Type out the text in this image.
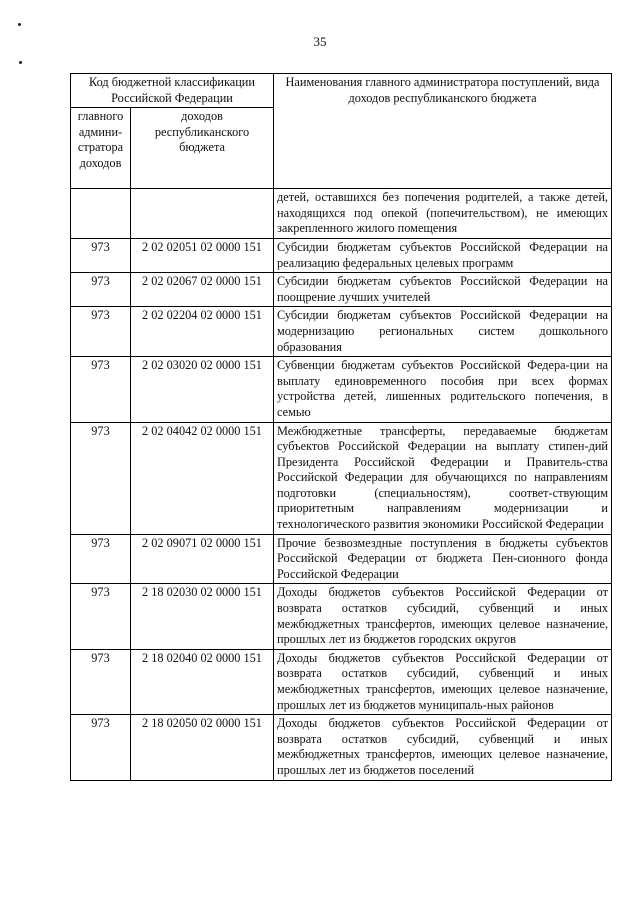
35
Код бюджетной классификации Российской Федерации		Наименования главного администратора поступлений, вида доходов республиканского бюджета
главного админи-стратора доходов	доходов республиканского бюджета	
		детей, оставшихся без попечения родителей, а также детей, находящихся под опекой (попечительством), не имеющих закрепленного жилого помещения
973	2 02 02051 02 0000 151	Субсидии бюджетам субъектов Российской Федерации на реализацию федеральных целевых программ
973	2 02 02067 02 0000 151	Субсидии бюджетам субъектов Российской Федерации на поощрение лучших учителей
973	2 02 02204 02 0000 151	Субсидии бюджетам субъектов Российской Федерации на модернизацию региональных систем дошкольного образования
973	2 02 03020 02 0000 151	Субвенции бюджетам субъектов Российской Федера-ции на выплату единовременного пособия при всех формах устройства детей, лишенных родительского попечения, в семью
973	2 02 04042 02 0000 151	Межбюджетные трансферты, передаваемые бюджетам субъектов Российской Федерации на выплату стипен-дий Президента Российской Федерации и Правитель-ства Российской Федерации для обучающихся по направлениям подготовки (специальностям), соответ-ствующим приоритетным направлениям модернизации и технологического развития экономики Российской Федерации
973	2 02 09071 02 0000 151	Прочие безвозмездные поступления в бюджеты субъектов Российской Федерации от бюджета Пен-сионного фонда Российской Федерации
973	2 18 02030 02 0000 151	Доходы бюджетов субъектов Российской Федерации от возврата остатков субсидий, субвенций и иных межбюджетных трансфертов, имеющих целевое назначение, прошлых лет из бюджетов городских округов
973	2 18 02040 02 0000 151	Доходы бюджетов субъектов Российской Федерации от возврата остатков субсидий, субвенций и иных межбюджетных трансфертов, имеющих целевое назначение, прошлых лет из бюджетов муниципаль-ных районов
973	2 18 02050 02 0000 151	Доходы бюджетов субъектов Российской Федерации от возврата остатков субсидий, субвенций и иных межбюджетных трансфертов, имеющих целевое назначение, прошлых лет из бюджетов поселений
